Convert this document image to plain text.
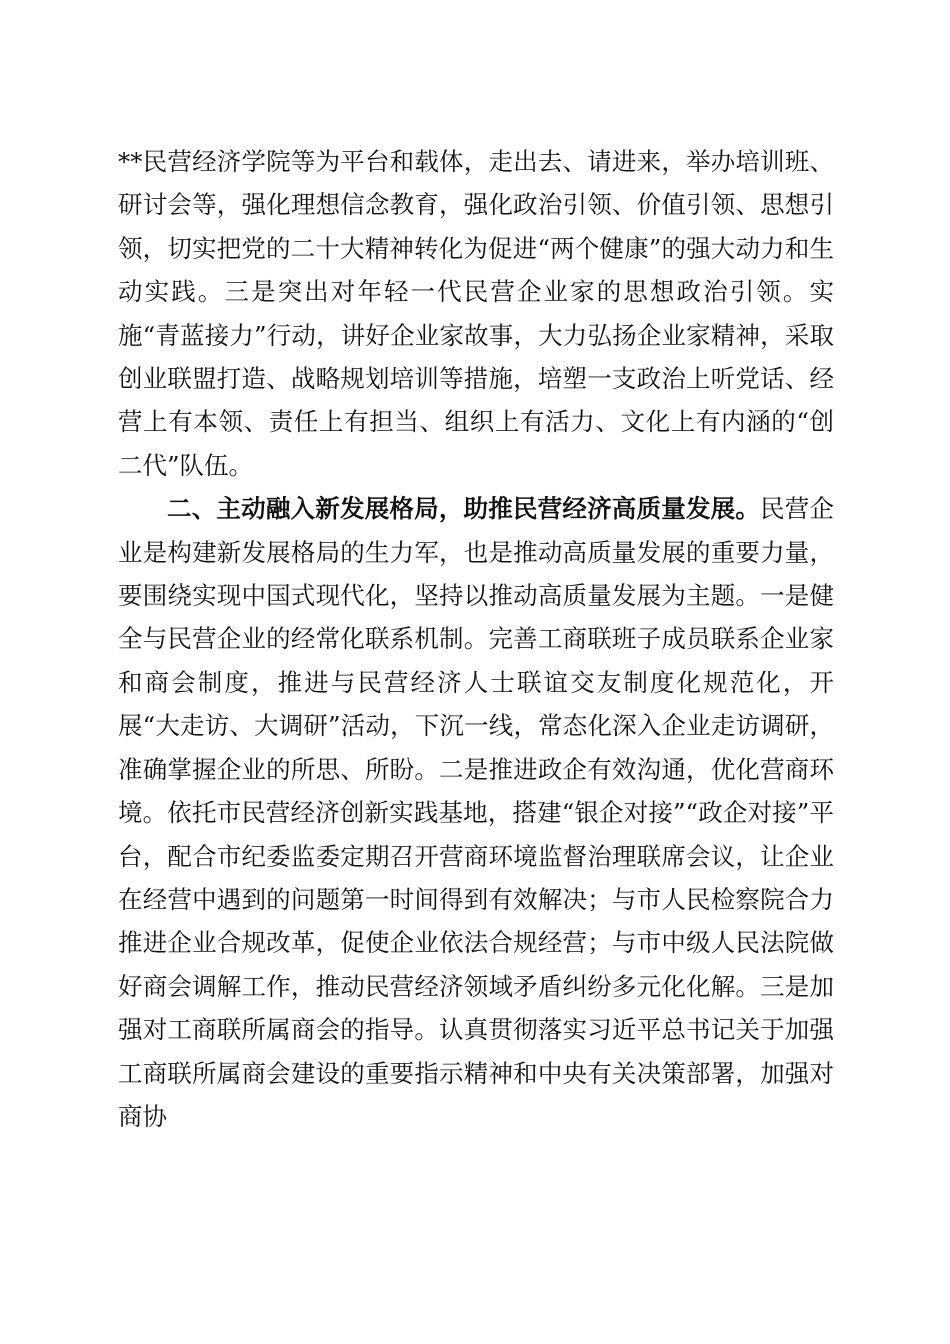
**民营经济学院等为平台和载体，走出去、请进来，举办培训班、研讨会等，强化理想信念教育，强化政治引领、价值引领、思想引领，切实把党的二十大精神转化为促进“两个健康”的强大动力和生动实践。三是突出对年轻一代民营企业家的思想政治引领。实施“青蓝接力”行动，讲好企业家故事，大力弘扬企业家精神，采取创业联盟打造、战略规划培训等措施，培塑一支政治上听党话、经营上有本领、责任上有担当、组织上有活力、文化上有内涵的“创二代”队伍。

二、主动融入新发展格局，助推民营经济高质量发展。民营企业是构建新发展格局的生力军，也是推动高质量发展的重要力量，要围绕实现中国式现代化，坚持以推动高质量发展为主题。一是健全与民营企业的经常化联系机制。完善工商联班子成员联系企业家和商会制度，推进与民营经济人士联谊交友制度化规范化，开展“大走访、大调研”活动，下沉一线，常态化深入企业走访调研，准确掌握企业的所思、所盼。二是推进政企有效沟通，优化营商环境。依托市民营经济创新实践基地，搭建“银企对接”“政企对接”平台，配合市纪委监委定期召开营商环境监督治理联席会议，让企业在经营中遇到的问题第一时间得到有效解决；与市人民检察院合力推进企业合规改革，促使企业依法合规经营；与市中级人民法院做好商会调解工作，推动民营经济领域矛盾纠纷多元化化解。三是加强对工商联所属商会的指导。认真贯彻落实习近平总书记关于加强工商联所属商会建设的重要指示精神和中央有关决策部署，加强对商协
